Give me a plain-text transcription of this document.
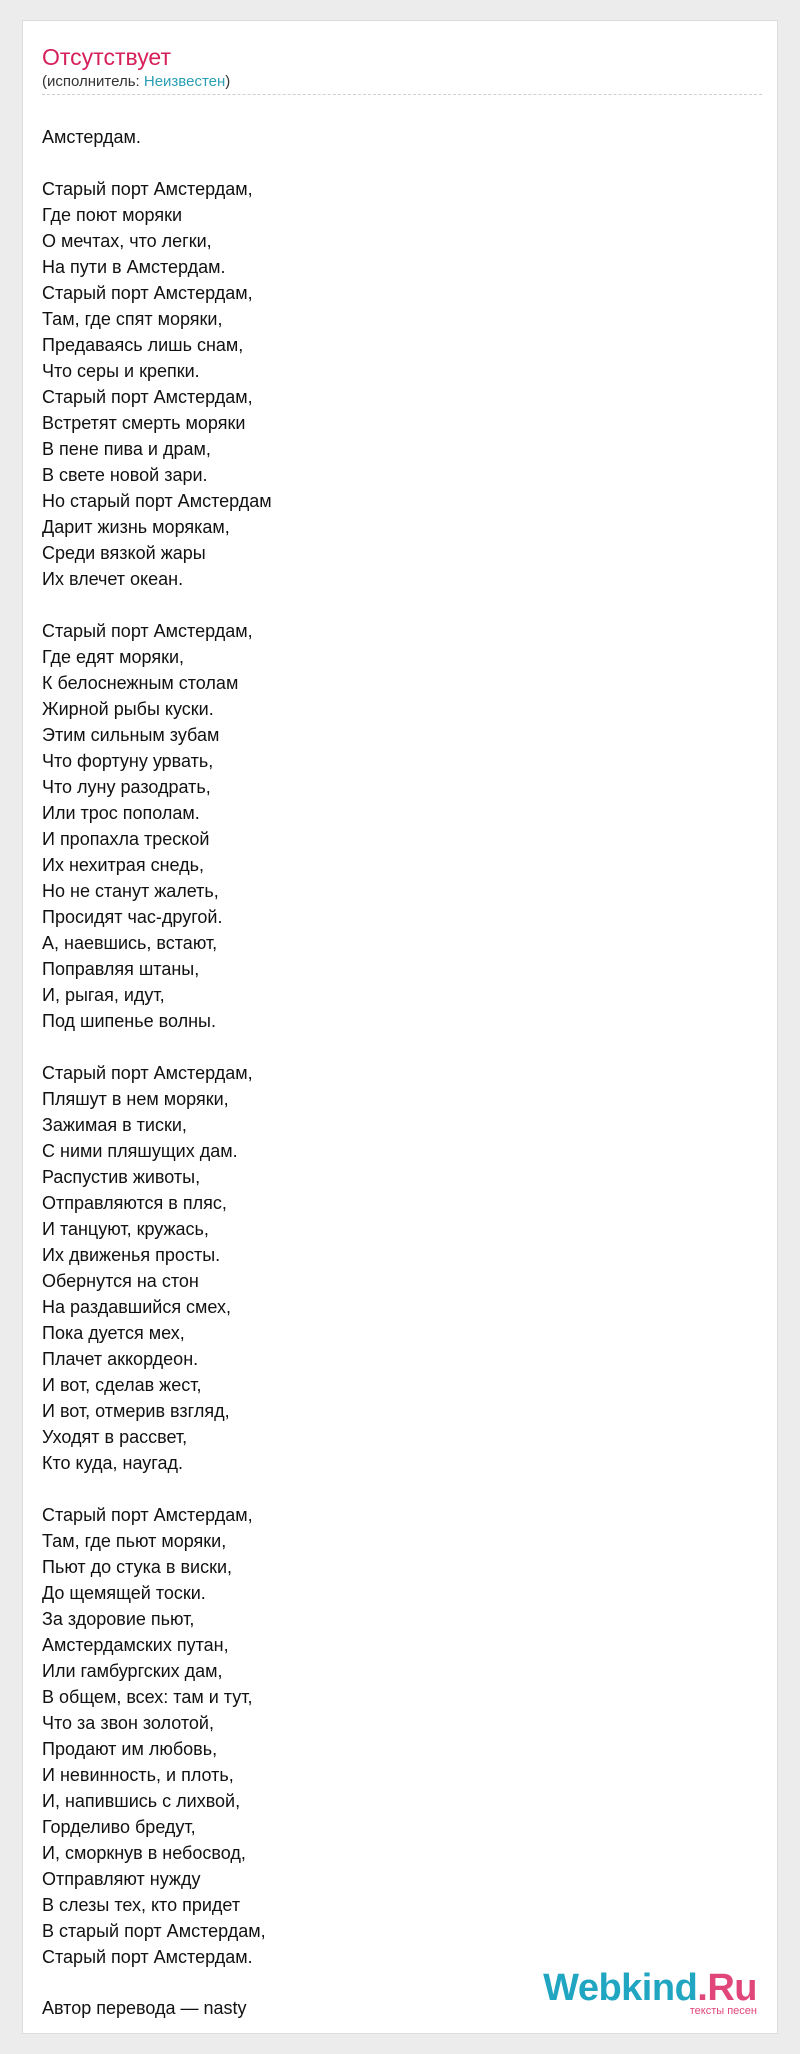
Отсутствует
(исполнитель: Неизвестен)
Амстердам.
Старый порт Амстердам,
Где поют моряки
О мечтах, что легки,
На пути в Амстердам.
Старый порт Амстердам,
Там, где спят моряки,
Предаваясь лишь снам,
Что серы и крепки.
Старый порт Амстердам,
Встретят смерть моряки
В пене пива и драм,
В свете новой зари.
Но старый порт Амстердам
Дарит жизнь морякам,
Среди вязкой жары
Их влечет океан.
Старый порт Амстердам,
Где едят моряки,
К белоснежным столам
Жирной рыбы куски.
Этим сильным зубам
Что фортуну урвать,
Что луну разодрать,
Или трос пополам.
И пропахла треской
Их нехитрая снедь,
Но не станут жалеть,
Просидят час-другой.
А, наевшись, встают,
Поправляя штаны,
И, рыгая, идут,
Под шипенье волны.
Старый порт Амстердам,
Пляшут в нем моряки,
Зажимая в тиски,
С ними пляшущих дам.
Распустив животы,
Отправляются в пляс,
И танцуют, кружась,
Их движенья просты.
Обернутся на стон
На раздавшийся смех,
Пока дуется мех,
Плачет аккордеон.
И вот, сделав жест,
И вот, отмерив взгляд,
Уходят в рассвет,
Кто куда, наугад.
Старый порт Амстердам,
Там, где пьют моряки,
Пьют до стука в виски,
До щемящей тоски.
За здоровие пьют,
Амстердамских путан,
Или гамбургских дам,
В общем, всех: там и тут,
Что за звон золотой,
Продают им любовь,
И невинность, и плоть,
И, напившись с лихвой,
Горделиво бредут,
И, сморкнув в небосвод,
Отправляют нужду
В слезы тех, кто придет
В старый порт Амстердам,
Старый порт Амстердам.
Автор перевода — nasty	Webkind.Ru
тексты песен
